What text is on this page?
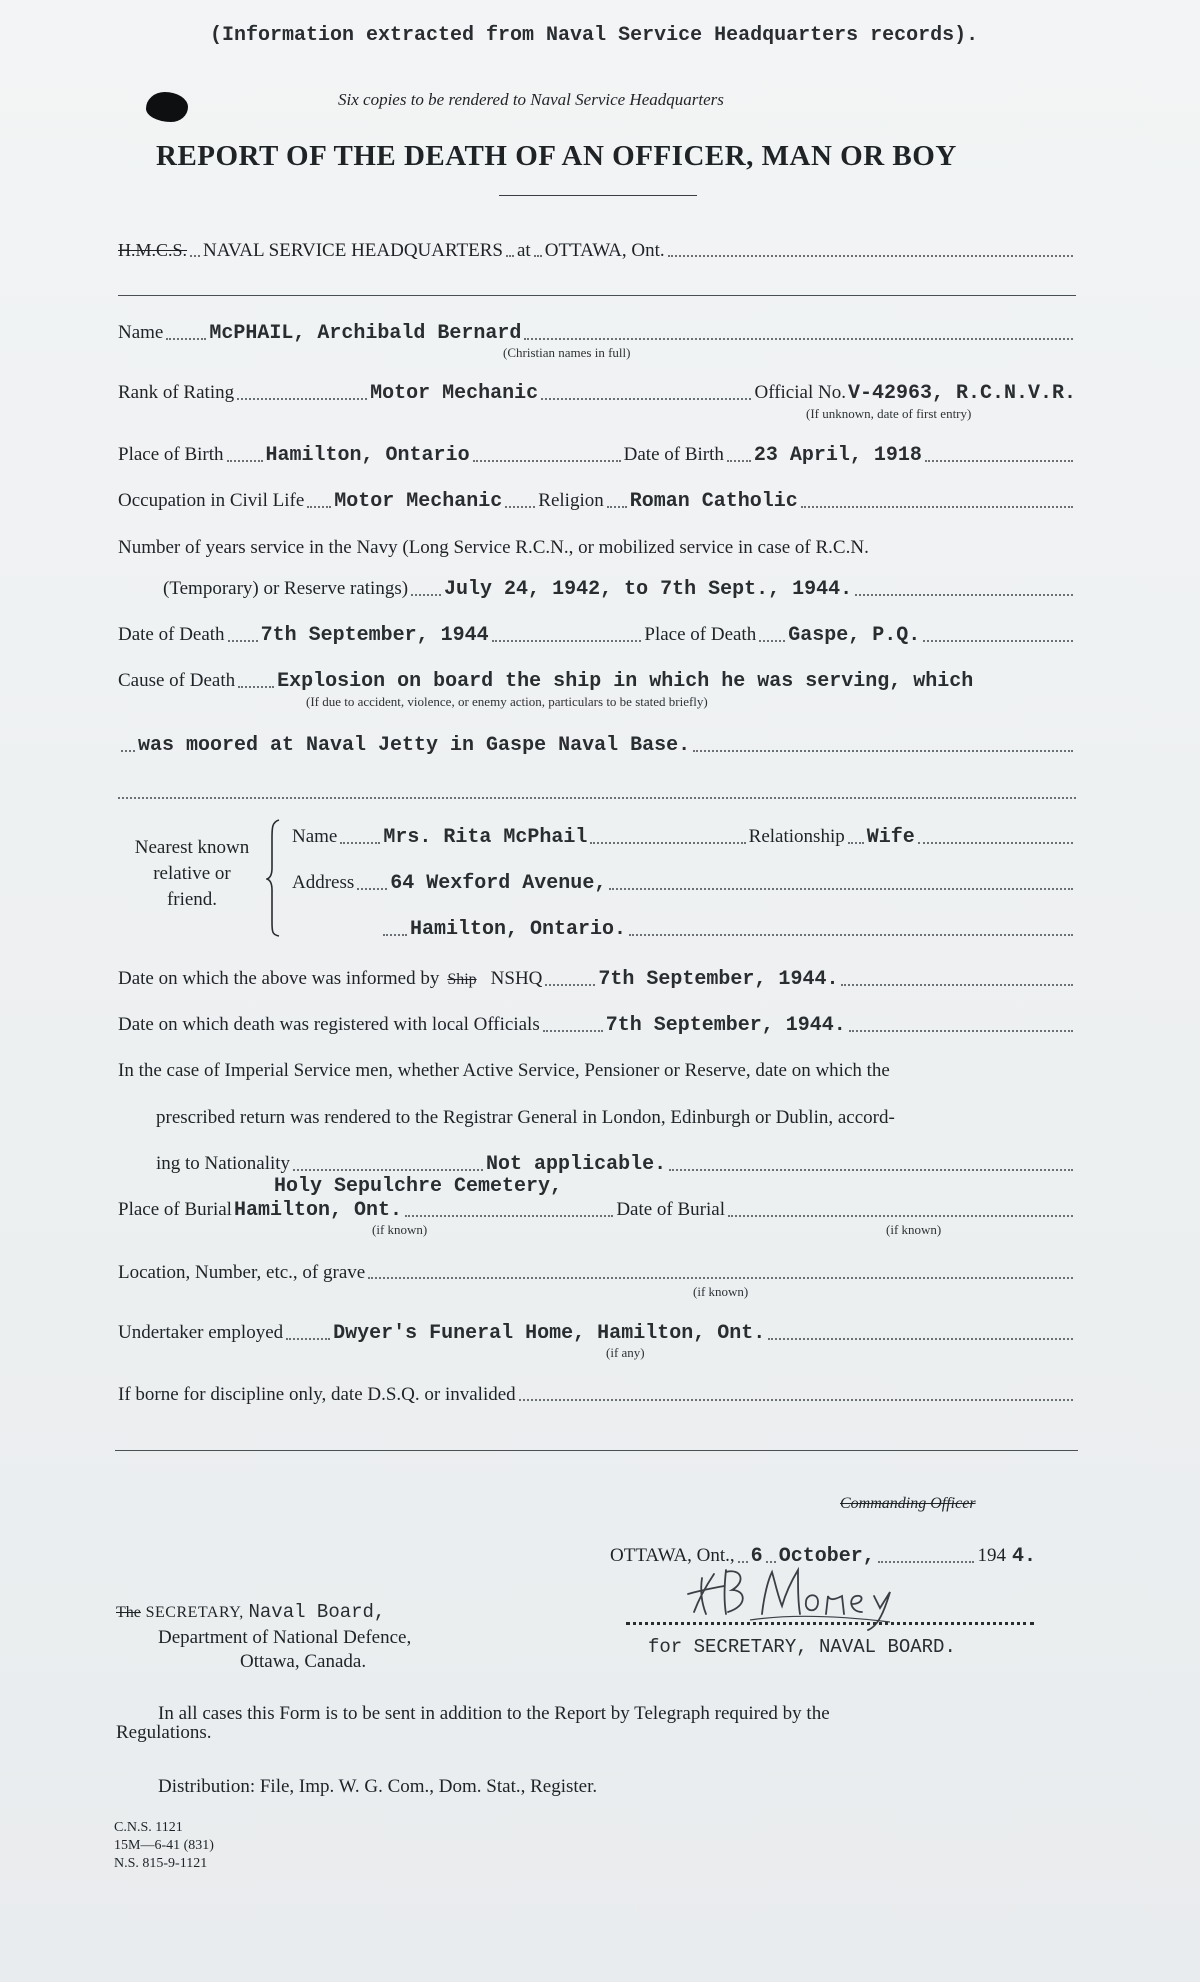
(Information extracted from Naval Service Headquarters records).
Six copies to be rendered to Naval Service Headquarters
REPORT OF THE DEATH OF AN OFFICER, MAN OR BOY
H.M.C.S. NAVAL SERVICE HEADQUARTERS at OTTAWA, Ont.
Name McPHAIL, Archibald Bernard
(Christian names in full)
Rank of Rating	Motor Mechanic	Official No. V-42963, R.C.N.V.R.
(If unknown, date of first entry)
Place of Birth Hamilton, Ontario	Date of Birth 23 April, 1918
Occupation in Civil Life Motor Mechanic Religion Roman Catholic
Number of years service in the Navy (Long Service R.C.N., or mobilized service in case of R.C.N.
(Temporary) or Reserve ratings) July 24, 1942, to 7th Sept., 1944.
Date of Death 7th September, 1944	Place of Death Gaspe, P.Q.
Cause of Death Explosion on board the ship in which he was serving, which
(If due to accident, violence, or enemy action, particulars to be stated briefly)
was moored at Naval Jetty in Gaspe Naval Base.
Nearest known
relative or
friend.
Name Mrs. Rita McPhail	Relationship Wife
Address 64 Wexford Avenue,
Hamilton, Ontario.
Date on which the above was informed by Ship NSHQ	7th September, 1944.
Date on which death was registered with local Officials	7th September, 1944.
In the case of Imperial Service men, whether Active Service, Pensioner or Reserve, date on which the
prescribed return was rendered to the Registrar General in London, Edinburgh or Dublin, accord-
ing to Nationality	Not applicable.
Holy Sepulchre Cemetery,
Place of Burial Hamilton, Ont.	Date of Burial
(if known)	(if known)
Location, Number, etc., of grave
(if known)
Undertaker employed	Dwyer's Funeral Home, Hamilton, Ont.
(if any)
If borne for discipline only, date D.S.Q. or invalided
Commanding Officer
OTTAWA, Ont., 6 October,	194 4.
for SECRETARY, NAVAL BOARD.
The SECRETARY, Naval Board,
Department of National Defence,
Ottawa, Canada.
In all cases this Form is to be sent in addition to the Report by Telegraph required by the
Regulations.
Distribution: File, Imp. W. G. Com., Dom. Stat., Register.
C.N.S. 1121
15M—6-41 (831)
N.S. 815-9-1121
